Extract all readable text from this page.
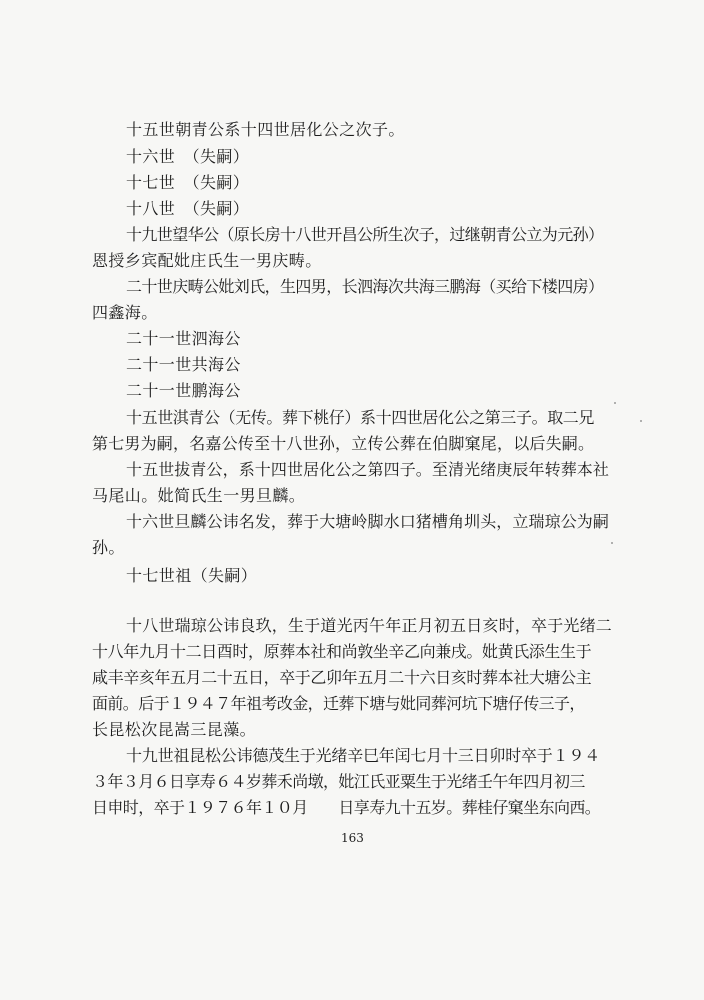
十五世朝青公系十四世居化公之次子。
十六世　（失嗣）
十七世　（失嗣）
十八世　（失嗣）
十九世望华公（原长房十八世开昌公所生次子，过继朝青公立为元孙）
恩授乡宾配妣庄氏生一男庆畴。
二十世庆畴公妣刘氏，生四男，长泗海次共海三鹏海（买给下楼四房）
四鑫海。
二十一世泗海公
二十一世共海公
二十一世鹏海公
十五世淇青公（无传。葬下桃仔）系十四世居化公之第三子。取二兄
第七男为嗣，名嘉公传至十八世孙，立传公葬在伯脚窠尾，以后失嗣。
十五世拔青公，系十四世居化公之第四子。至清光绪庚辰年转葬本社
马尾山。妣简氏生一男旦麟。
十六世旦麟公讳名发，葬于大塘岭脚水口猪槽角圳头，立瑞琼公为嗣
孙。
十七世祖（失嗣）
十八世瑞琼公讳良玖，生于道光丙午年正月初五日亥时，卒于光绪二
十八年九月十二日酉时，原葬本社和尚敦坐辛乙向兼戌。妣黄氏添生生于
咸丰辛亥年五月二十五日，卒于乙卯年五月二十六日亥时葬本社大塘公主
面前。后于１９４７年祖考改金，迁葬下塘与妣同葬河坑下塘仔传三子，
长昆松次昆嵩三昆藻。
十九世祖昆松公讳德茂生于光绪辛巳年闰七月十三日卯时卒于１９４
３年３月６日享寿６４岁葬禾尚墩，妣江氏亚粟生于光绪壬午年四月初三
日申时，卒于１９７６年１０月　　日享寿九十五岁。葬桂仔窠坐东向西。
163
